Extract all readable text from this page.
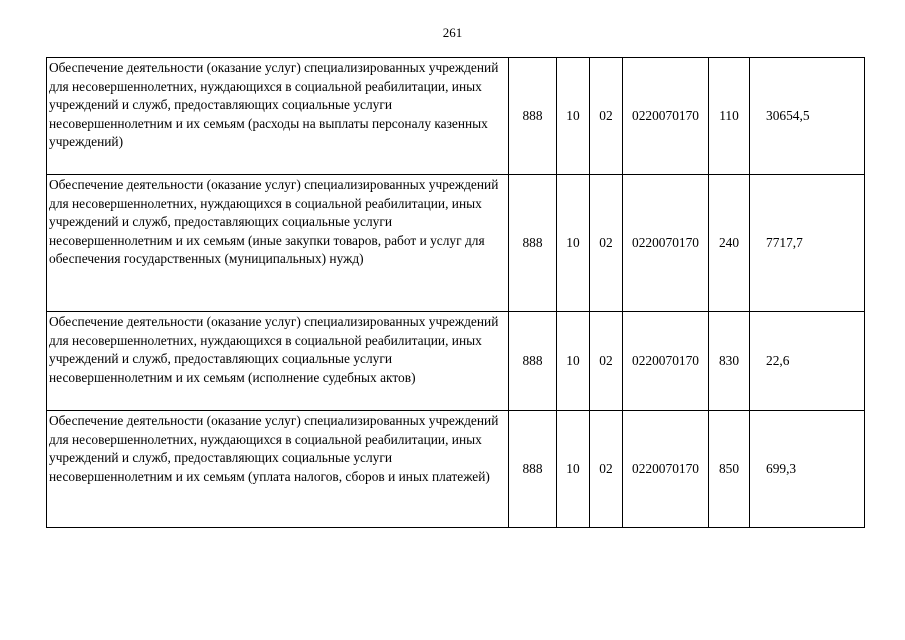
261
Обеспечение деятельности (оказание услуг) специализированных учреждений для несовершеннолетних, нуждающихся в социальной реабилитации, иных учреждений и служб, предоставляющих социальные услуги несовершеннолетним и их семьям (расходы на выплаты персоналу казенных учреждений)	888	10	02	0220070170	110	30654,5
Обеспечение деятельности (оказание услуг) специализированных учреждений для несовершеннолетних, нуждающихся в социальной реабилитации, иных учреждений и служб, предоставляющих социальные услуги несовершеннолетним и их семьям (иные закупки товаров, работ и услуг для обеспечения государственных (муниципальных) нужд)	888	10	02	0220070170	240	7717,7
Обеспечение деятельности (оказание услуг) специализированных учреждений для несовершеннолетних, нуждающихся в социальной реабилитации, иных учреждений и служб, предоставляющих социальные услуги несовершеннолетним и их семьям (исполнение судебных актов)	888	10	02	0220070170	830	22,6
Обеспечение деятельности (оказание услуг) специализированных учреждений для несовершеннолетних, нуждающихся в социальной реабилитации, иных учреждений и служб, предоставляющих социальные услуги несовершеннолетним и их семьям (уплата налогов, сборов и иных платежей)	888	10	02	0220070170	850	699,3
